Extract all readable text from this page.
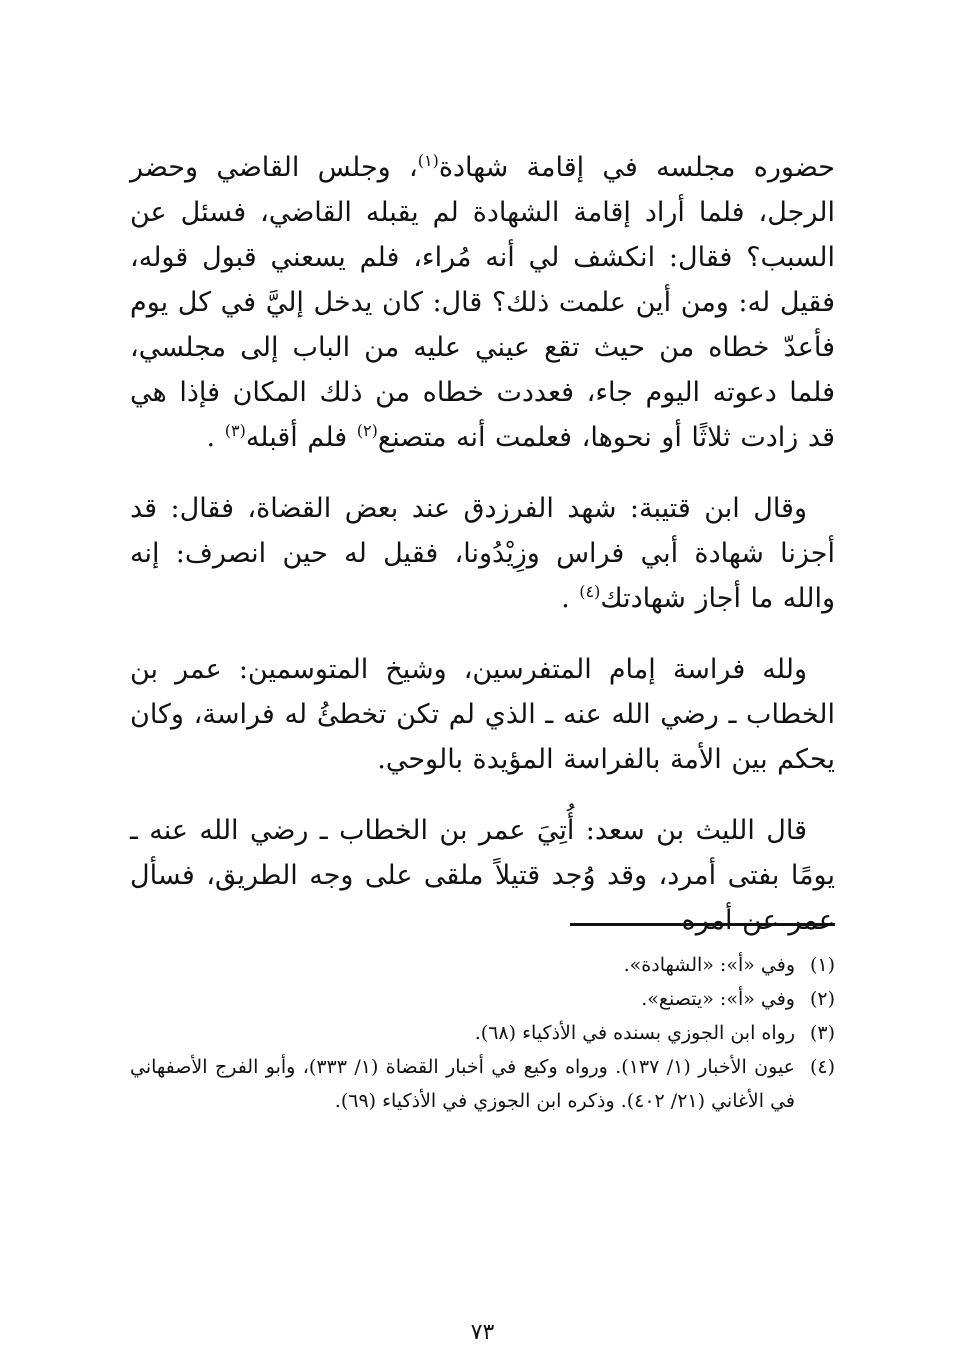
حضوره مجلسه في إقامة شهادة$^{(١)}$، وجلس القاضي وحضر الرجل، فلما أراد إقامة الشهادة لم يقبله القاضي، فسئل عن السبب؟ فقال: انكشف لي أنه مُراء، فلم يسعني قبول قوله، فقيل له: ومن أين علمت ذلك؟ قال: كان يدخل إليَّ في كل يوم فأعدّ خطاه من حيث تقع عيني عليه من الباب إلى مجلسي، فلما دعوته اليوم جاء، فعددت خطاه من ذلك المكان فإذا هي قد زادت ثلاثًا أو نحوها، فعلمت أنه متصنع$^{(٢)}$ فلم أقبله$^{(٣)}$ .

وقال ابن قتيبة: شهد الفرزدق عند بعض القضاة، فقال: قد أجزنا شهادة أبي فراس وزِيْدُونا، فقيل له حين انصرف: إنه والله ما أجاز شهادتك$^{(٤)}$ .

ولله فراسة إمام المتفرسين، وشيخ المتوسمين: عمر بن الخطاب ـ رضي الله عنه ـ الذي لم تكن تخطئُ له فراسة، وكان يحكم بين الأمة بالفراسة المؤيدة بالوحي.

قال الليث بن سعد: أُتِيَ عمر بن الخطاب ـ رضي الله عنه ـ يومًا بفتى أمرد، وقد وُجد قتيلاً ملقى على وجه الطريق، فسأل عمر عن أمره

(١)
وفي «أ»: «الشهادة».
(٢)
وفي «أ»: «يتصنع».
(٣)
رواه ابن الجوزي بسنده في الأذكياء (٦٨).
(٤)
عيون الأخبار (١/ ١٣٧). ورواه وكيع في أخبار القضاة (١/ ٣٣٣)، وأبو الفرج الأصفهاني في الأغاني (٢١/ ٤٠٢). وذكره ابن الجوزي في الأذكياء (٦٩).
٧٣
